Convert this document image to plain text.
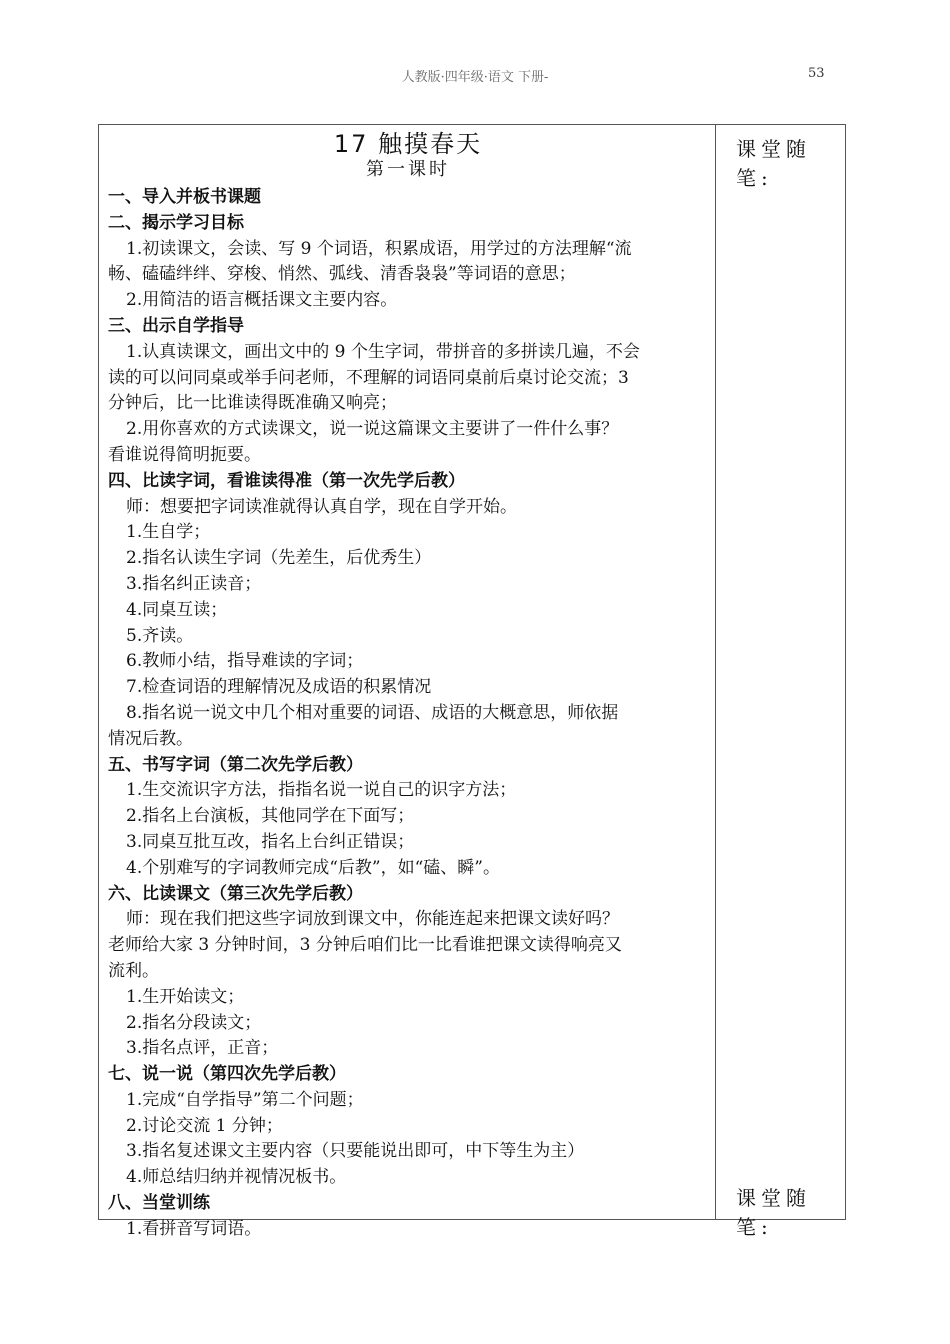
人教版·四年级·语文 下册-	53
课堂随笔:
课堂随笔:
17 触摸春天
第一课时
一、导入并板书课题
二、揭示学习目标
1.初读课文，会读、写 9 个词语，积累成语，用学过的方法理解“流
畅、磕磕绊绊、穿梭、悄然、弧线、清香袅袅”等词语的意思；
2.用简洁的语言概括课文主要内容。
三、出示自学指导
1.认真读课文，画出文中的 9 个生字词，带拼音的多拼读几遍，不会
读的可以问同桌或举手问老师，不理解的词语同桌前后桌讨论交流；3
分钟后，比一比谁读得既准确又响亮；
2.用你喜欢的方式读课文，说一说这篇课文主要讲了一件什么事？
看谁说得简明扼要。
四、比读字词，看谁读得准（第一次先学后教）
师：想要把字词读准就得认真自学，现在自学开始。
1.生自学；
2.指名认读生字词（先差生，后优秀生）
3.指名纠正读音；
4.同桌互读；
5.齐读。
6.教师小结，指导难读的字词；
7.检查词语的理解情况及成语的积累情况
8.指名说一说文中几个相对重要的词语、成语的大概意思，师依据
情况后教。
五、书写字词（第二次先学后教）
1.生交流识字方法，指指名说一说自己的识字方法；
2.指名上台演板，其他同学在下面写；
3.同桌互批互改，指名上台纠正错误；
4.个别难写的字词教师完成“后教”，如“磕、瞬”。
六、比读课文（第三次先学后教）
师：现在我们把这些字词放到课文中，你能连起来把课文读好吗？
老师给大家 3 分钟时间，3 分钟后咱们比一比看谁把课文读得响亮又
流利。
1.生开始读文；
2.指名分段读文；
3.指名点评，正音；
七、说一说（第四次先学后教）
1.完成“自学指导”第二个问题；
2.讨论交流 1 分钟；
3.指名复述课文主要内容（只要能说出即可，中下等生为主）
4.师总结归纳并视情况板书。
八、当堂训练
1.看拼音写词语。
